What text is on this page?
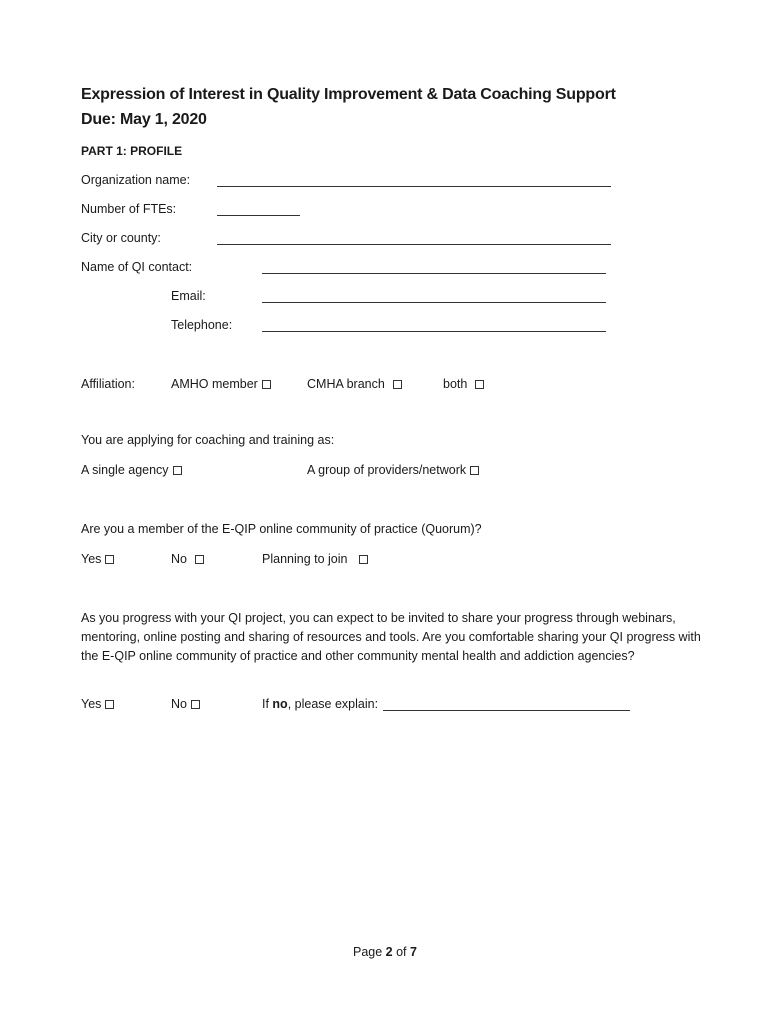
Expression of Interest in Quality Improvement & Data Coaching Support
Due: May 1, 2020
PART 1: PROFILE
Organization name:
Number of FTEs:
City or county:
Name of QI contact:
Email:
Telephone:
Affiliation:	AMHO member	CMHA branch	both
You are applying for coaching and training as:
A single agency	A group of providers/network
Are you a member of the E-QIP online community of practice (Quorum)?
Yes	No	Planning to join
As you progress with your QI project, you can expect to be invited to share your progress through webinars, mentoring, online posting and sharing of resources and tools. Are you comfortable sharing your QI progress with the E-QIP online community of practice and other community mental health and addiction agencies?
Yes	No	If no, please explain:
Page 2 of 7
